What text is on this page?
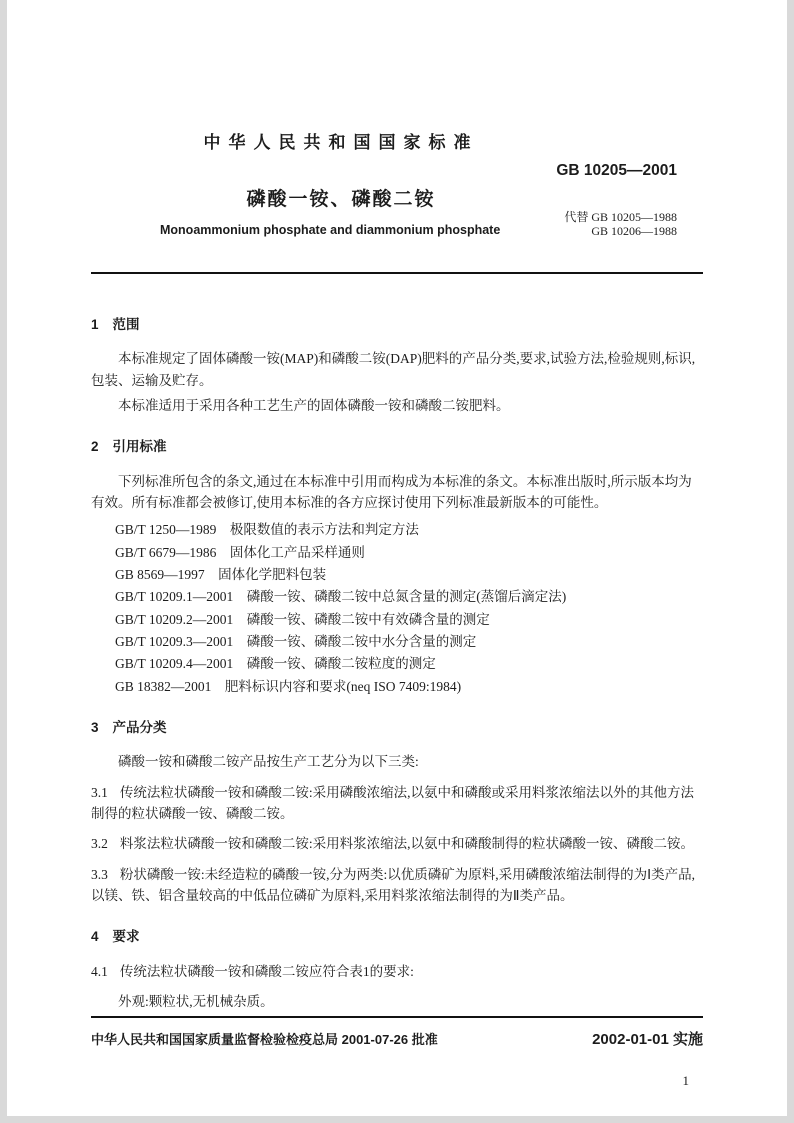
中华人民共和国国家标准
GB 10205—2001
磷酸一铵、磷酸二铵
代替 GB 10205—1988
GB 10206—1988
Monoammonium phosphate and diammonium phosphate
1 范围

本标准规定了固体磷酸一铵(MAP)和磷酸二铵(DAP)肥料的产品分类,要求,试验方法,检验规则,标识,包装、运输及贮存。

本标准适用于采用各种工艺生产的固体磷酸一铵和磷酸二铵肥料。

2 引用标准

下列标准所包含的条文,通过在本标准中引用而构成为本标准的条文。本标准出版时,所示版本均为有效。所有标准都会被修订,使用本标准的各方应探讨使用下列标准最新版本的可能性。

GB/T 1250—1989　极限数值的表示方法和判定方法
GB/T 6679—1986　固体化工产品采样通则
GB 8569—1997　固体化学肥料包装
GB/T 10209.1—2001　磷酸一铵、磷酸二铵中总氮含量的测定(蒸馏后滴定法)
GB/T 10209.2—2001　磷酸一铵、磷酸二铵中有效磷含量的测定
GB/T 10209.3—2001　磷酸一铵、磷酸二铵中水分含量的测定
GB/T 10209.4—2001　磷酸一铵、磷酸二铵粒度的测定
GB 18382—2001　肥料标识内容和要求(neq ISO 7409:1984)
3 产品分类

磷酸一铵和磷酸二铵产品按生产工艺分为以下三类:

3.1 传统法粒状磷酸一铵和磷酸二铵:采用磷酸浓缩法,以氨中和磷酸或采用料浆浓缩法以外的其他方法制得的粒状磷酸一铵、磷酸二铵。

3.2 料浆法粒状磷酸一铵和磷酸二铵:采用料浆浓缩法,以氨中和磷酸制得的粒状磷酸一铵、磷酸二铵。

3.3 粉状磷酸一铵:未经造粒的磷酸一铵,分为两类:以优质磷矿为原料,采用磷酸浓缩法制得的为Ⅰ类产品,以镁、铁、铝含量较高的中低品位磷矿为原料,采用料浆浓缩法制得的为Ⅱ类产品。

4 要求

4.1 传统法粒状磷酸一铵和磷酸二铵应符合表1的要求:

外观:颗粒状,无机械杂质。

中华人民共和国国家质量监督检验检疫总局 2001-07-26 批准	2002-01-01 实施
1
